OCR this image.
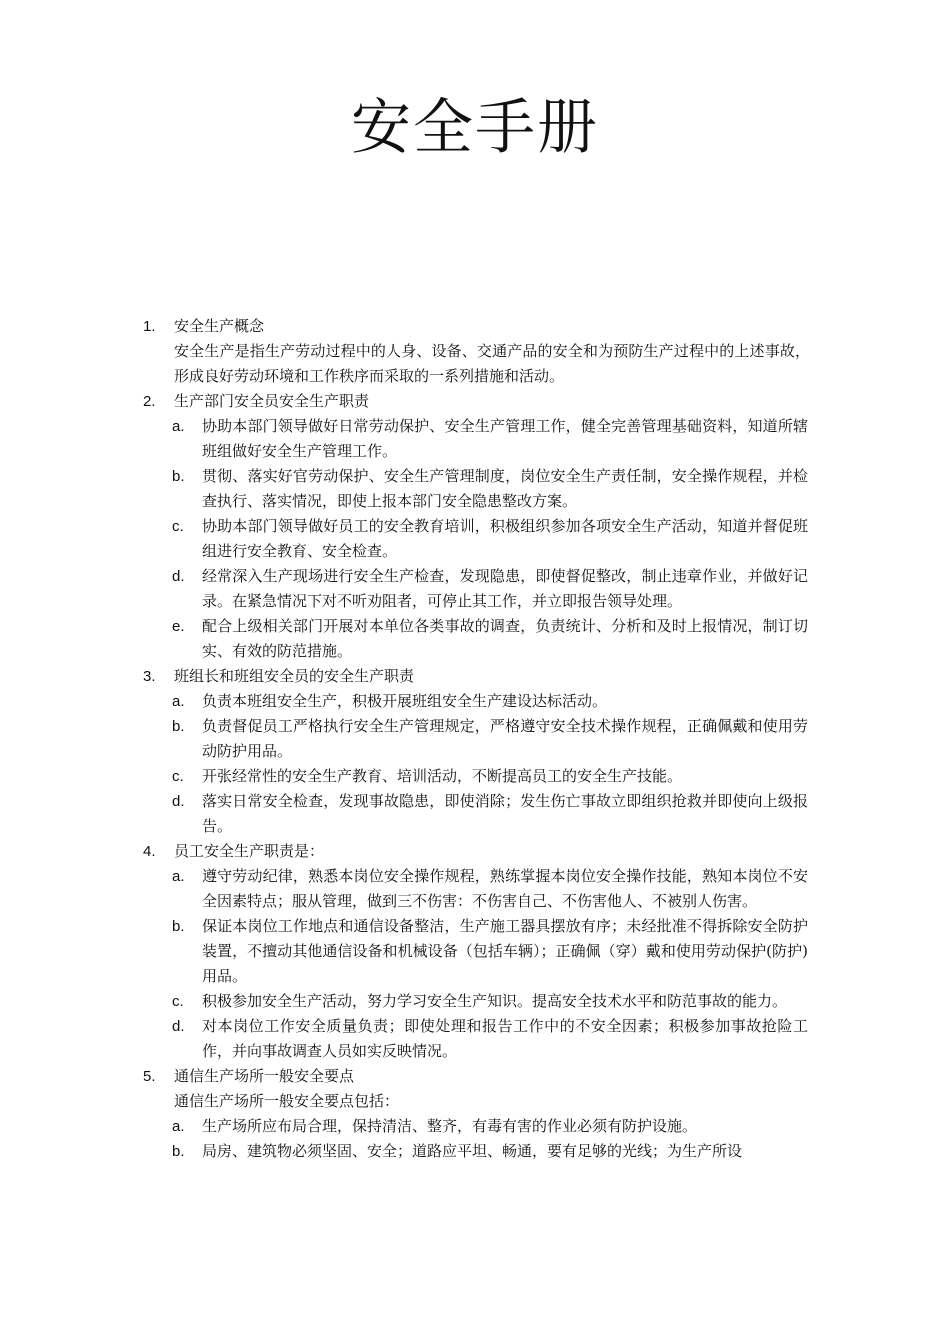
安全手册
1. 安全生产概念
安全生产是指生产劳动过程中的人身、设备、交通产品的安全和为预防生产过程中的上述事故，形成良好劳动环境和工作秩序而采取的一系列措施和活动。
2. 生产部门安全员安全生产职责
a. 协助本部门领导做好日常劳动保护、安全生产管理工作，健全完善管理基础资料，知道所辖班组做好安全生产管理工作。
b. 贯彻、落实好官劳动保护、安全生产管理制度，岗位安全生产责任制，安全操作规程，并检查执行、落实情况，即使上报本部门安全隐患整改方案。
c. 协助本部门领导做好员工的安全教育培训，积极组织参加各项安全生产活动，知道并督促班组进行安全教育、安全检查。
d. 经常深入生产现场进行安全生产检查，发现隐患，即使督促整改，制止违章作业，并做好记录。在紧急情况下对不听劝阻者，可停止其工作，并立即报告领导处理。
e. 配合上级相关部门开展对本单位各类事故的调查，负责统计、分析和及时上报情况，制订切实、有效的防范措施。
3. 班组长和班组安全员的安全生产职责
a. 负责本班组安全生产，积极开展班组安全生产建设达标活动。
b. 负责督促员工严格执行安全生产管理规定，严格遵守安全技术操作规程，正确佩戴和使用劳动防护用品。
c. 开张经常性的安全生产教育、培训活动，不断提高员工的安全生产技能。
d. 落实日常安全检查，发现事故隐患，即使消除；发生伤亡事故立即组织抢救并即使向上级报告。
4. 员工安全生产职责是：
a. 遵守劳动纪律，熟悉本岗位安全操作规程，熟练掌握本岗位安全操作技能，熟知本岗位不安全因素特点；服从管理，做到三不伤害：不伤害自己、不伤害他人、不被别人伤害。
b. 保证本岗位工作地点和通信设备整洁，生产施工器具摆放有序；未经批准不得拆除安全防护装置，不擅动其他通信设备和机械设备（包括车辆）；正确佩（穿）戴和使用劳动保护(防护)用品。
c. 积极参加安全生产活动，努力学习安全生产知识。提高安全技术水平和防范事故的能力。
d. 对本岗位工作安全质量负责；即使处理和报告工作中的不安全因素；积极参加事故抢险工作，并向事故调查人员如实反映情况。
5. 通信生产场所一般安全要点
通信生产场所一般安全要点包括：
a. 生产场所应布局合理，保持清洁、整齐，有毒有害的作业必须有防护设施。
b. 局房、建筑物必须坚固、安全；道路应平坦、畅通，要有足够的光线；为生产所设
